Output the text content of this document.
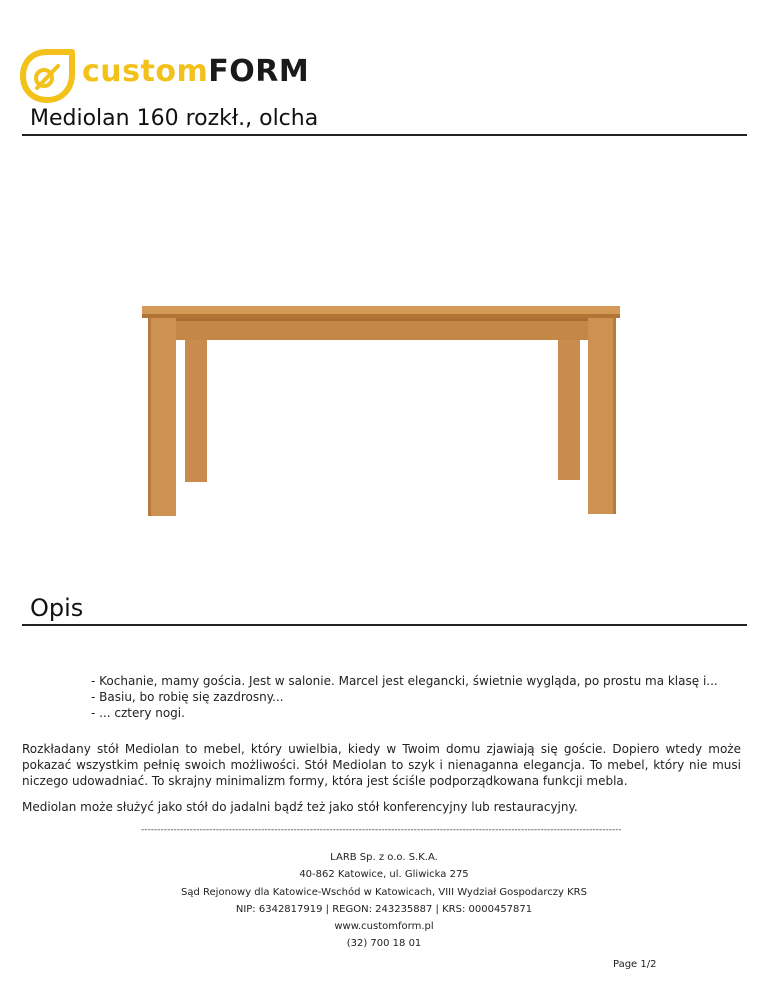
customFORM
Mediolan 160 rozkł., olcha
Opis
- Kochanie, mamy gościa. Jest w salonie. Marcel jest elegancki, świetnie wygląda, po prostu ma klasę i...
- Basiu, bo robię się zazdrosny...
- ... cztery nogi.

Rozkładany stół Mediolan to mebel, który uwielbia, kiedy w Twoim domu zjawiają się goście. Dopiero wtedy może pokazać wszystkim pełnię swoich możliwości. Stół Mediolan to szyk i nienaganna elegancja. To mebel, który nie musi niczego udowadniać. To skrajny minimalizm formy, która jest ściśle podporządkowana funkcji mebla.

Mediolan może służyć jako stół do jadalni bądź też jako stół konferencyjny lub restauracyjny.

----------------------------------------------------------------------------------------------------------------------------------------------------
LARB Sp. z o.o. S.K.A.
40-862 Katowice, ul. Gliwicka 275
Sąd Rejonowy dla Katowice-Wschód w Katowicach, VIII Wydział Gospodarczy KRS
NIP: 6342817919 | REGON: 243235887 | KRS: 0000457871
www.customform.pl
(32) 700 18 01
Page 1/2
